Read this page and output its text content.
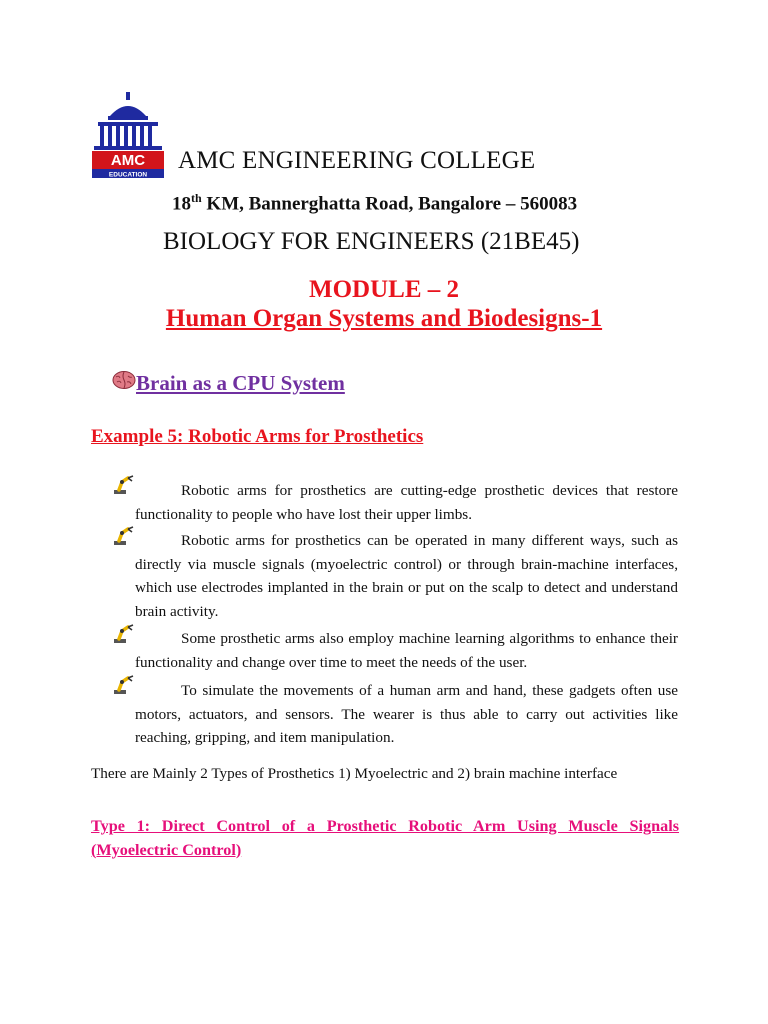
AMC
EDUCATION
AMC ENGINEERING COLLEGE
18th KM, Bannerghatta Road, Bangalore – 560083
BIOLOGY FOR ENGINEERS (21BE45)
MODULE – 2
Human Organ Systems and Biodesigns-1
Brain as a CPU System
Example 5: Robotic Arms for Prosthetics
Robotic arms for prosthetics are cutting-edge prosthetic devices that restore functionality to people who have lost their upper limbs.
Robotic arms for prosthetics can be operated in many different ways, such as directly via muscle signals (myoelectric control) or through brain-machine interfaces, which use electrodes implanted in the brain or put on the scalp to detect and understand brain activity.
Some prosthetic arms also employ machine learning algorithms to enhance their functionality and change over time to meet the needs of the user.
To simulate the movements of a human arm and hand, these gadgets often use motors, actuators, and sensors. The wearer is thus able to carry out activities like reaching, gripping, and item manipulation.
There are Mainly 2 Types of Prosthetics 1) Myoelectric and 2) brain machine interface
Type 1: Direct Control of a Prosthetic Robotic Arm Using Muscle Signals (Myoelectric Control)
